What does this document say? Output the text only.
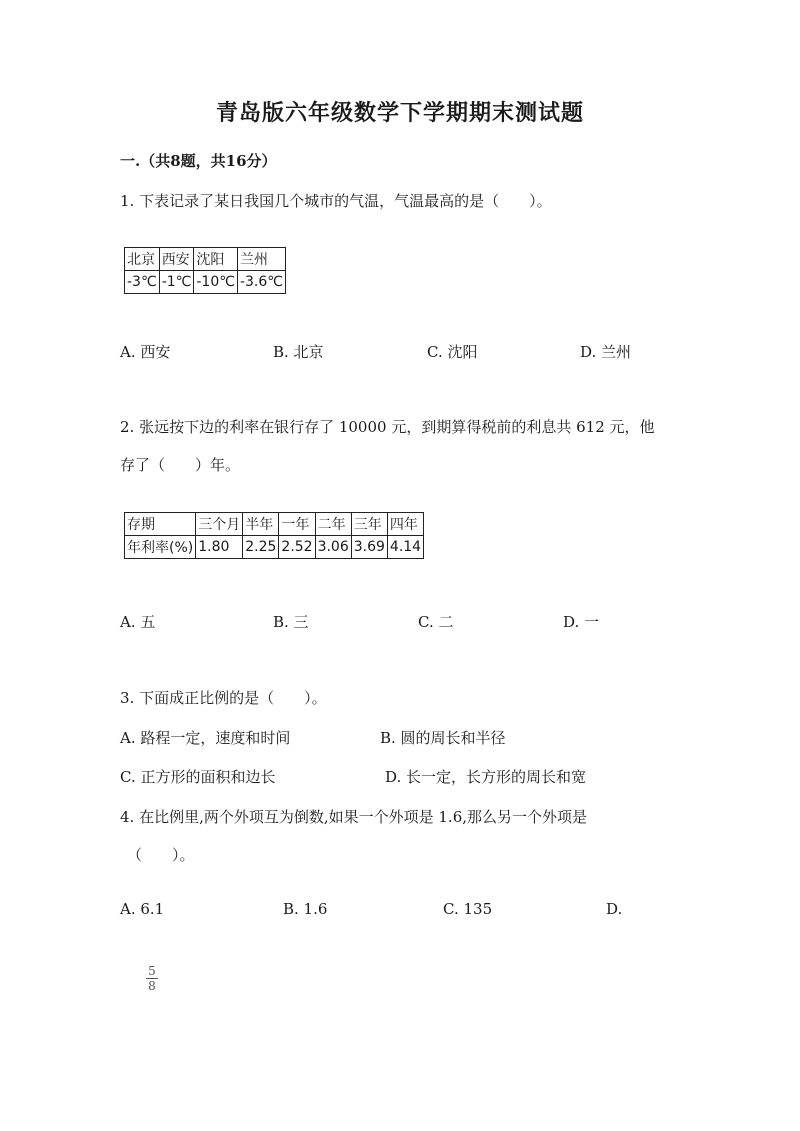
青岛版六年级数学下学期期末测试题
一.（共8题，共16分）
1. 下表记录了某日我国几个城市的气温，气温最高的是（　　）。
北京	西安	沈阳	兰州
-3℃	-1℃	-10℃	-3.6℃
A. 西安	B. 北京	C. 沈阳	D. 兰州
2. 张远按下边的利率在银行存了 10000 元，到期算得税前的利息共 612 元，他
存了（　　）年。
存期	三个月	半年	一年	二年	三年	四年
年利率(%)	1.80	2.25	2.52	3.06	3.69	4.14
A. 五	B. 三	C. 二	D. 一
3. 下面成正比例的是（　　）。
A. 路程一定，速度和时间	B. 圆的周长和半径
C. 正方形的面积和边长	D. 长一定，长方形的周长和宽
4. 在比例里,两个外项互为倒数,如果一个外项是 1.6,那么另一个外项是
（　　）。
A. 6.1	B. 1.6	C. 135	D.
5
8
